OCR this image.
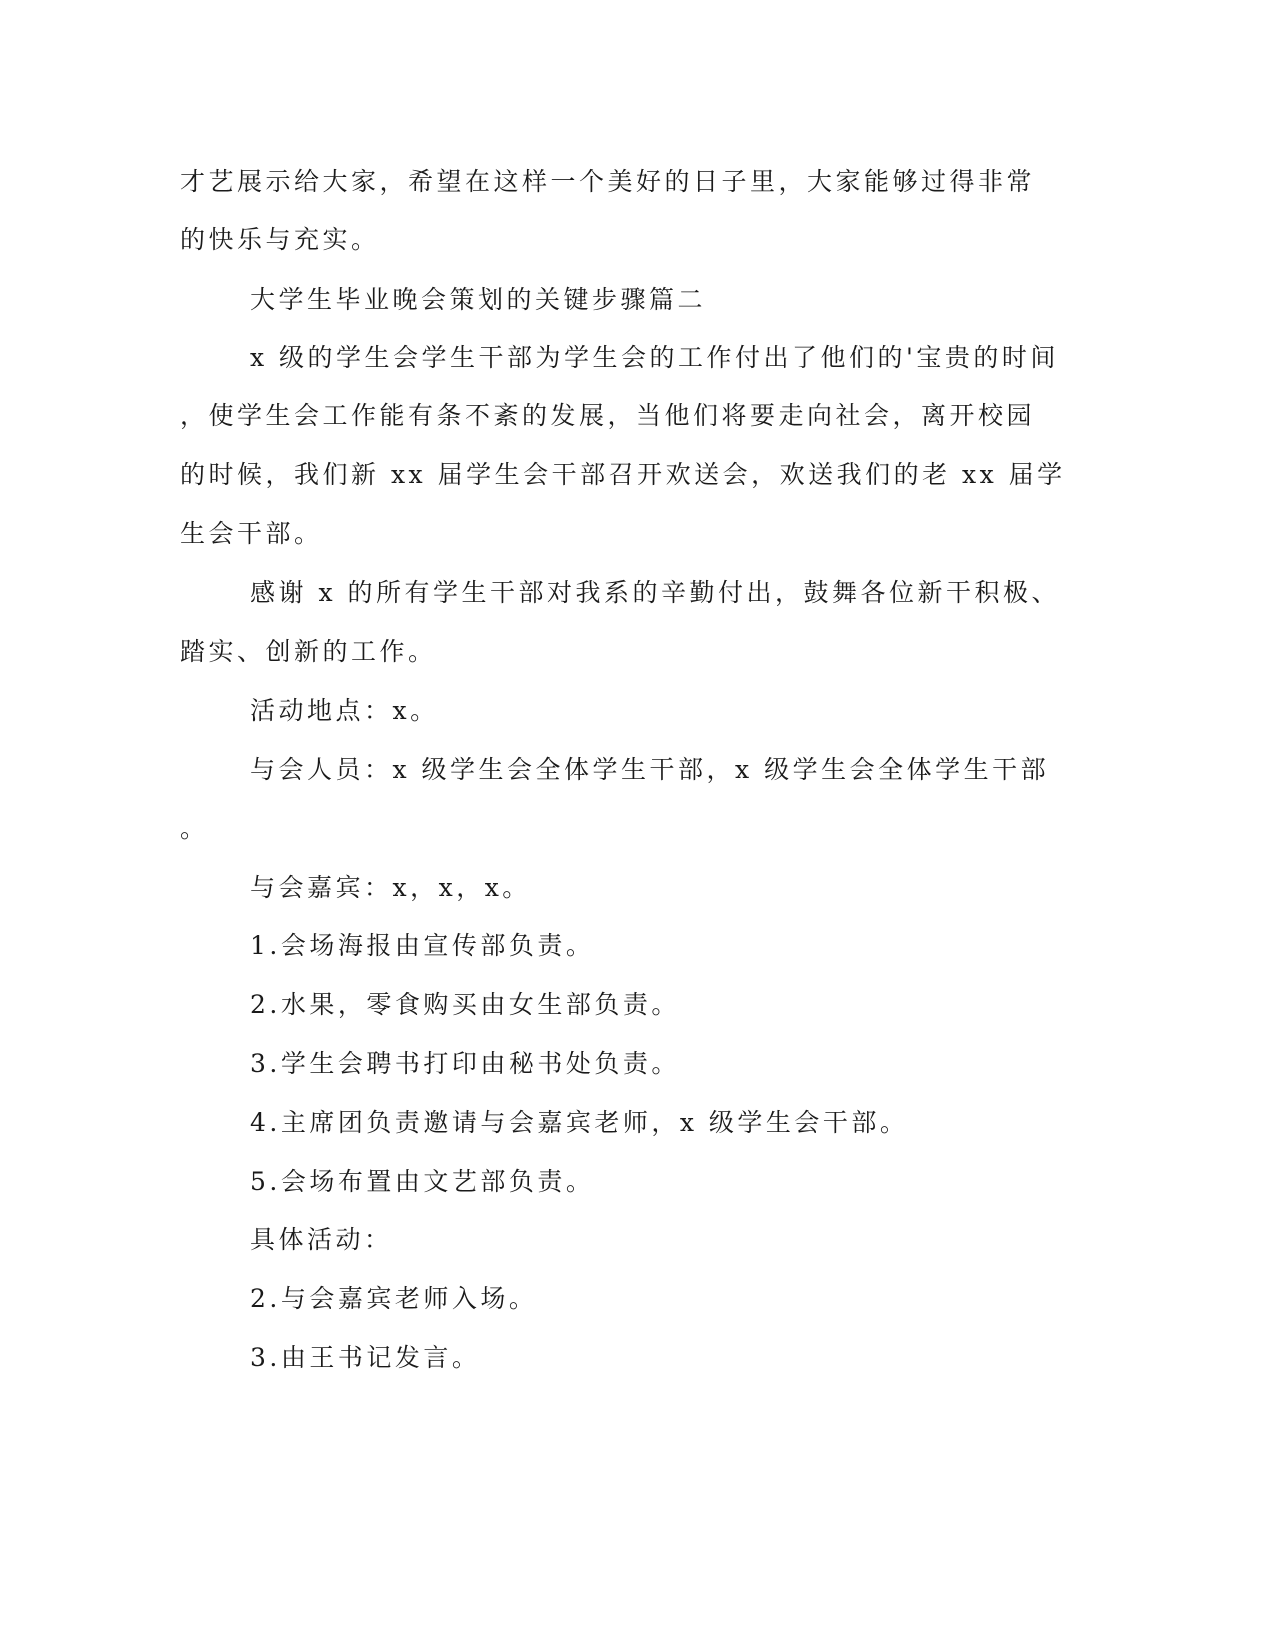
才艺展示给大家，希望在这样一个美好的日子里，大家能够过得非常
的快乐与充实。
大学生毕业晚会策划的关键步骤篇二
x 级的学生会学生干部为学生会的工作付出了他们的'宝贵的时间
，使学生会工作能有条不紊的发展，当他们将要走向社会，离开校园
的时候，我们新 xx 届学生会干部召开欢送会，欢送我们的老 xx 届学
生会干部。
感谢 x 的所有学生干部对我系的辛勤付出，鼓舞各位新干积极、
踏实、创新的工作。
活动地点：x。
与会人员：x 级学生会全体学生干部，x 级学生会全体学生干部
。
与会嘉宾：x，x，x。
1.会场海报由宣传部负责。
2.水果，零食购买由女生部负责。
3.学生会聘书打印由秘书处负责。
4.主席团负责邀请与会嘉宾老师，x 级学生会干部。
5.会场布置由文艺部负责。
具体活动：
2.与会嘉宾老师入场。
3.由王书记发言。
